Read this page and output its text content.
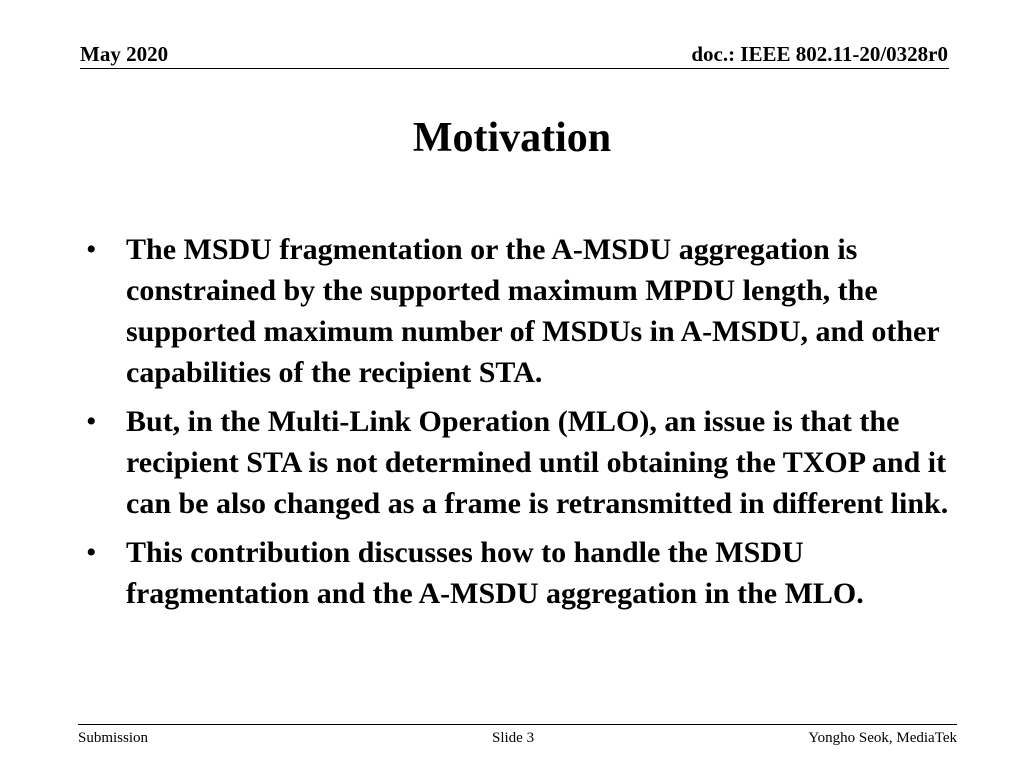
May 2020	doc.: IEEE 802.11-20/0328r0
Motivation
• The MSDU fragmentation or the A-MSDU aggregation is constrained by the supported maximum MPDU length, the supported maximum number of MSDUs in A-MSDU, and other capabilities of the recipient STA.
• But, in the Multi-Link Operation (MLO), an issue is that the recipient STA is not determined until obtaining the TXOP and it can be also changed as a frame is retransmitted in different link.
• This contribution discusses how to handle the MSDU fragmentation and the A-MSDU aggregation in the MLO.
Submission	Slide 3	Yongho Seok, MediaTek
